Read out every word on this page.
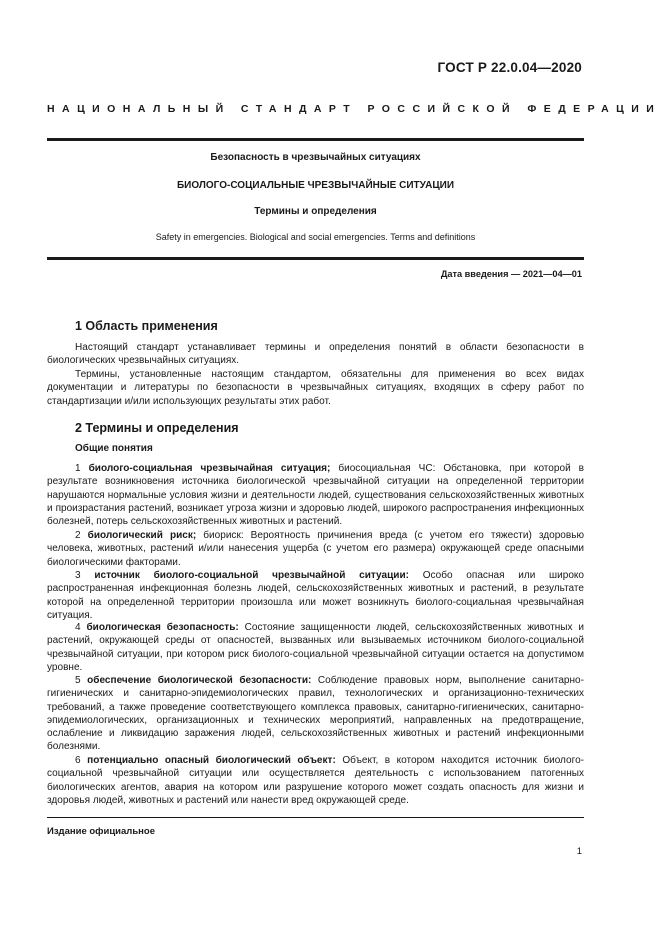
ГОСТ Р 22.0.04—2020
НАЦИОНАЛЬНЫЙ СТАНДАРТ РОССИЙСКОЙ ФЕДЕРАЦИИ
Безопасность в чрезвычайных ситуациях
БИОЛОГО-СОЦИАЛЬНЫЕ ЧРЕЗВЫЧАЙНЫЕ СИТУАЦИИ
Термины и определения
Safety in emergencies. Biological and social emergencies. Terms and definitions
Дата введения — 2021—04—01
1 Область применения

Настоящий стандарт устанавливает термины и определения понятий в области безопасности в биологических чрезвычайных ситуациях.

Термины, установленные настоящим стандартом, обязательны для применения во всех видах документации и литературы по безопасности в чрезвычайных ситуациях, входящих в сферу работ по стандартизации и/или использующих результаты этих работ.

2 Термины и определения
Общие понятия

1 биолого-социальная чрезвычайная ситуация; биосоциальная ЧС: Обстановка, при которой в результате возникновения источника биологической чрезвычайной ситуации на определенной территории нарушаются нормальные условия жизни и деятельности людей, существования сельскохозяйственных животных и произрастания растений, возникает угроза жизни и здоровью людей, широкого распространения инфекционных болезней, потерь сельскохозяйственных животных и растений.

2 биологический риск; биориск: Вероятность причинения вреда (с учетом его тяжести) здоровью человека, животных, растений и/или нанесения ущерба (с учетом его размера) окружающей среде опасными биологическими факторами.

3 источник биолого-социальной чрезвычайной ситуации: Особо опасная или широко распространенная инфекционная болезнь людей, сельскохозяйственных животных и растений, в результате которой на определенной территории произошла или может возникнуть биолого-социальная чрезвычайная ситуация.

4 биологическая безопасность: Состояние защищенности людей, сельскохозяйственных животных и растений, окружающей среды от опасностей, вызванных или вызываемых источником биолого-социальной чрезвычайной ситуации, при котором риск биолого-социальной чрезвычайной ситуации остается на допустимом уровне.

5 обеспечение биологической безопасности: Соблюдение правовых норм, выполнение санитарно-гигиенических и санитарно-эпидемиологических правил, технологических и организационно-технических требований, а также проведение соответствующего комплекса правовых, санитарно-гигиенических, санитарно-эпидемиологических, организационных и технических мероприятий, направленных на предотвращение, ослабление и ликвидацию заражения людей, сельскохозяйственных животных и растений инфекционными болезнями.

6 потенциально опасный биологический объект: Объект, в котором находится источник биолого-социальной чрезвычайной ситуации или осуществляется деятельность с использованием патогенных биологических агентов, авария на котором или разрушение которого может создать опасность для жизни и здоровья людей, животных и растений или нанести вред окружающей среде.

Издание официальное
1
